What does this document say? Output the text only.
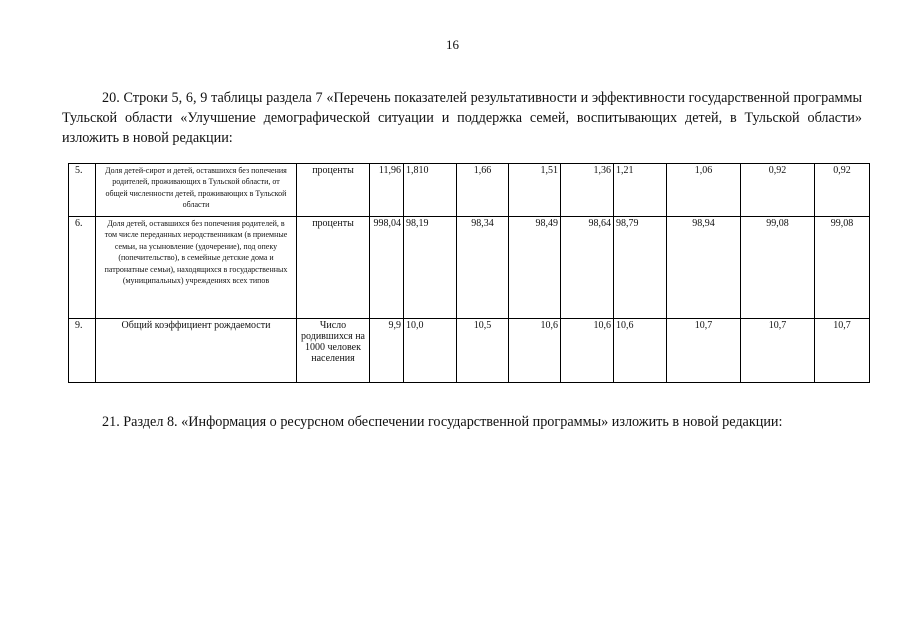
16
20. Строки 5, 6, 9 таблицы раздела 7 «Перечень показателей результативности и эффективности государственной программы Тульской области «Улучшение демографической ситуации и поддержка семей, воспитывающих детей, в Тульской области» изложить в новой редакции:
5.	Доля детей-сирот и детей, оставшихся без попечения родителей, проживающих в Тульской области, от общей численности детей, проживающих в Тульской области	проценты	11,96	1,810	1,66	1,51	1,36	1,21	1,06	0,92	0,92
6.	Доля детей, оставшихся без попечения родителей, в том числе переданных неродственникам (в приемные семьи, на усыновление (удочерение), под опеку (попечительство), в семейные детские дома и патронатные семьи), находящихся в государственных (муниципальных) учреждениях всех типов	проценты	998,04	98,19	98,34	98,49	98,64	98,79	98,94	99,08	99,08
9.	Общий коэффициент рождаемости	Число родившихся на 1000 человек населения	9,9	10,0	10,5	10,6	10,6	10,6	10,7	10,7	10,7
21. Раздел 8. «Информация о ресурсном обеспечении государственной программы» изложить в новой редакции:
